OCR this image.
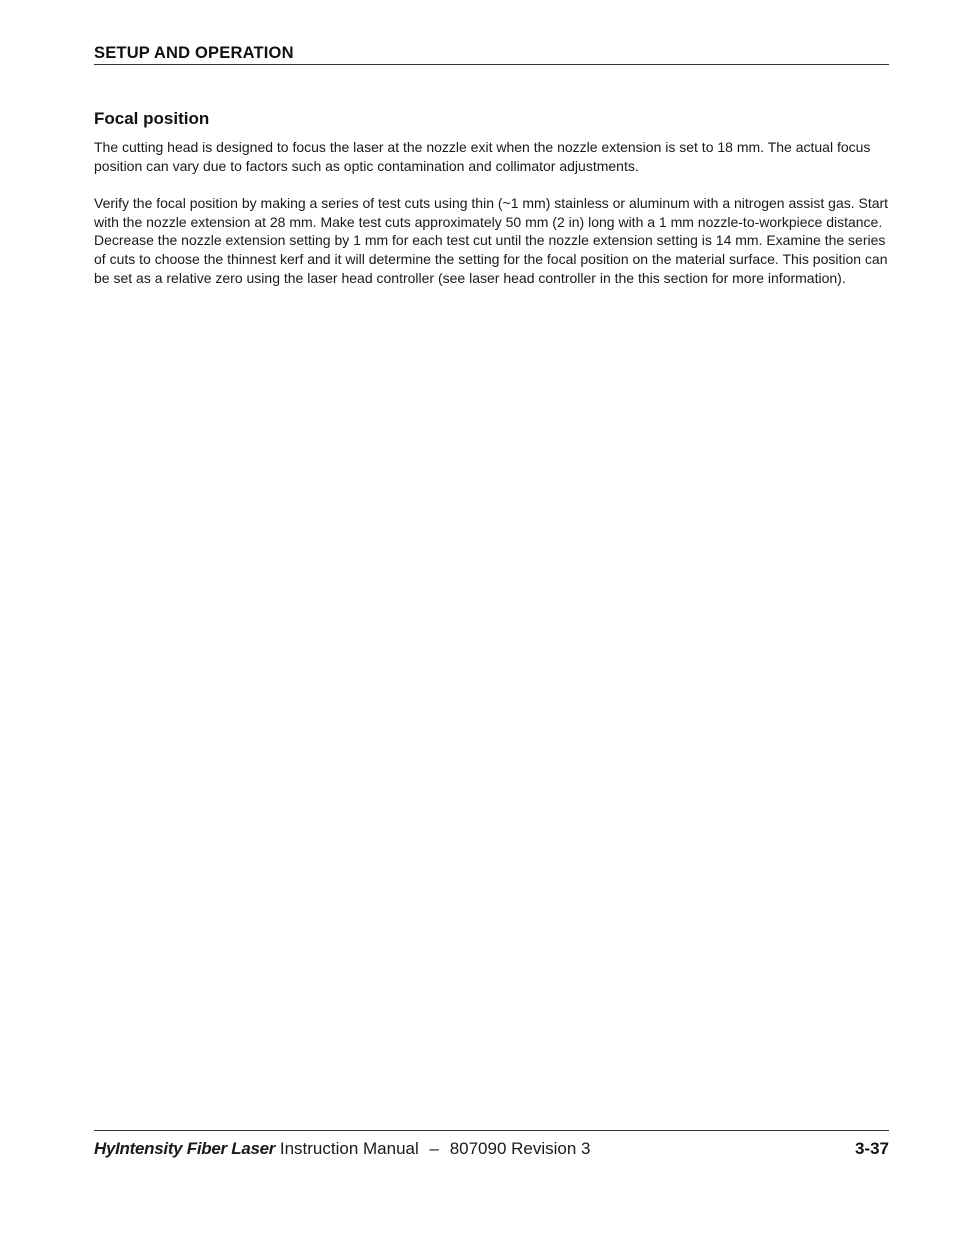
SETUP AND OPERATION
Focal position

The cutting head is designed to focus the laser at the nozzle exit when the nozzle extension is set to 18 mm. The actual focus position can vary due to factors such as optic contamination and collimator adjustments.

Verify the focal position by making a series of test cuts using thin (~1 mm) stainless or aluminum with a nitrogen assist gas. Start with the nozzle extension at 28 mm. Make test cuts approximately 50 mm (2 in) long with a 1 mm nozzle-to-workpiece distance. Decrease the nozzle extension setting by 1 mm for each test cut until the nozzle extension setting is 14 mm. Examine the series of cuts to choose the thinnest kerf and it will determine the setting for the focal position on the material surface. This position can be set as a relative zero using the laser head controller (see laser head controller in the this section for more information).

HyIntensity Fiber Laser Instruction Manual – 807090 Revision 3	3-37
